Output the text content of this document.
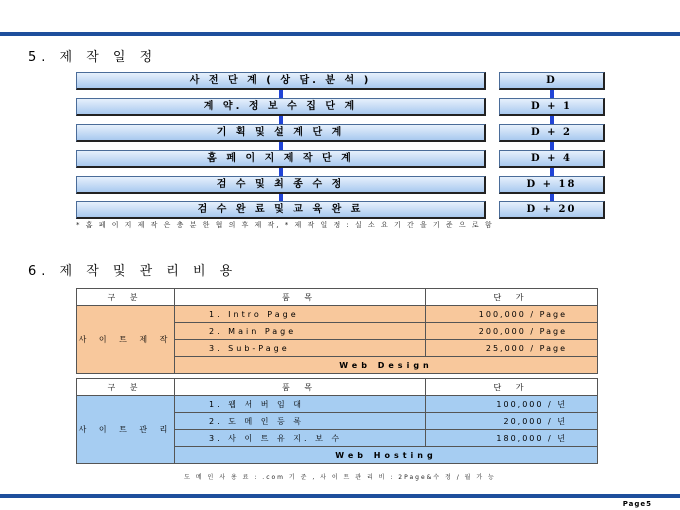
5. 제 작 일 정
사 전 단 계 ( 상 담. 분 석 )	D
계 약. 정 보 수 집 단 계	D + 1
기 획 및 설 계 단 계	D + 2
홈 페 이 지 제 작 단 계	D + 4
검 수 및 최 종 수 정	D + 18
검 수 완 료 및 교 육 완 료	D + 20
* 홈 페 이 지 제 작 은 충 분 한 협 의 후 제 작, * 제 작 일 정 : 실 소 요 기 간 을 기 준 으 로 함
6. 제 작 및 관 리 비 용
구 분	품 목	단 가
사 이 트 제 작	1. Intro Page	100,000 / Page
	2. Main Page	200,000 / Page
	3. Sub-Page	25,000 / Page
	Web Design	
구 분	품 목	단 가
사 이 트 관 리	1. 웹 서 버 임 대	100,000 / 년
	2. 도 메 인 등 록	20,000 / 년
	3. 사 이 트 유 지. 보 수	180,000 / 년
	Web Hosting	
도 메 인 사 용 료 : .com 기 준 , 사 이 트 관 리 비 : 2Page&수 정 / 월 가 능
Page5
